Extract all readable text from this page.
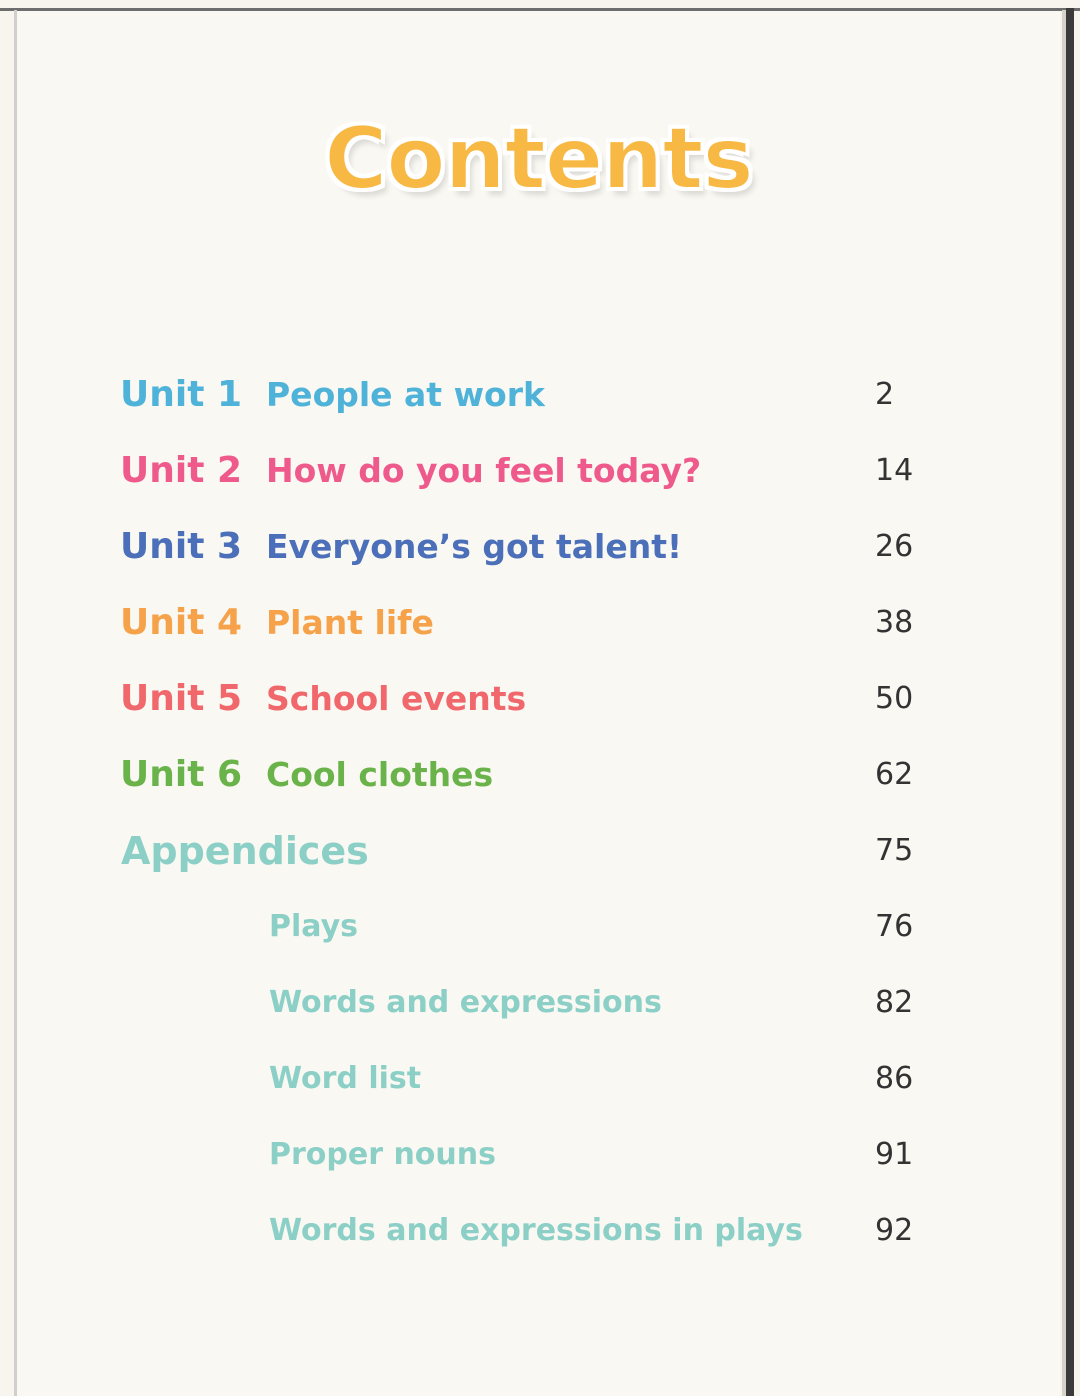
Contents
Unit 1 People at work	2
Unit 2 How do you feel today?	14
Unit 3 Everyone’s got talent!	26
Unit 4 Plant life	38
Unit 5 School events	50
Unit 6 Cool clothes	62
Appendices	75
Plays	76
Words and expressions	82
Word list	86
Proper nouns	91
Words and expressions in plays 92
